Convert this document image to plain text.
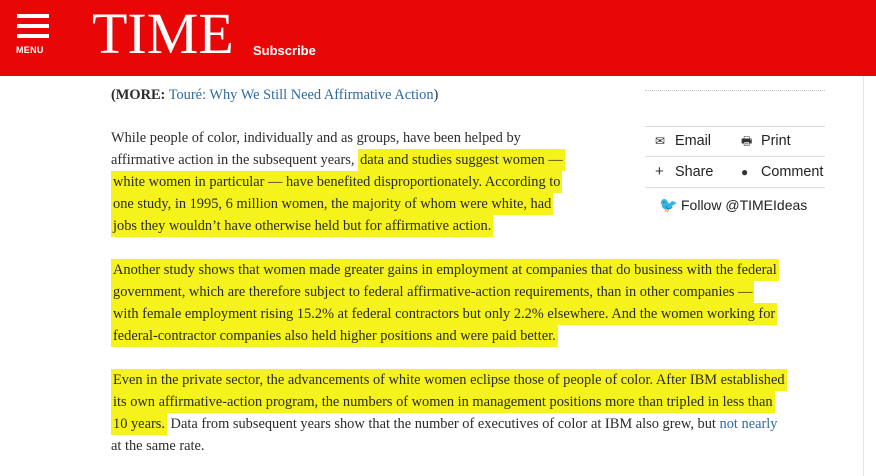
MENU TIME Subscribe
(MORE: Touré: Why We Still Need Affirmative Action)
While people of color, individually and as groups, have been helped by
affirmative action in the subsequent years, data and studies suggest women —
white women in particular — have benefited disproportionately. According to
one study, in 1995, 6 million women, the majority of whom were white, had
jobs they wouldn’t have otherwise held but for affirmative action.
Another study shows that women made greater gains in employment at companies that do business with the federal
government, which are therefore subject to federal affirmative-action requirements, than in other companies —
with female employment rising 15.2% at federal contractors but only 2.2% elsewhere. And the women working for
federal-contractor companies also held higher positions and were paid better.
Even in the private sector, the advancements of white women eclipse those of people of color. After IBM established
its own affirmative-action program, the numbers of women in management positions more than tripled in less than
10 years. Data from subsequent years show that the number of executives of color at IBM also grew, but not nearly
at the same rate.
✉ Email	🖶 Print
+ Share ● Comment
🐦 Follow @TIMEIdeas
